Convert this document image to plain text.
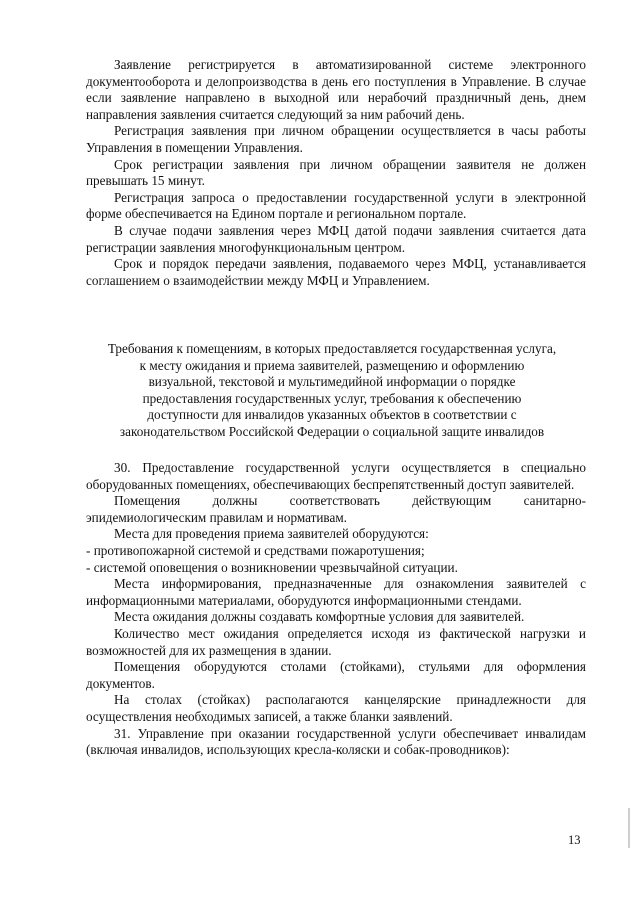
Заявление регистрируется в автоматизированной системе электронного документооборота и делопроизводства в день его поступления в Управление. В случае если заявление направлено в выходной или нерабочий праздничный день, днем направления заявления считается следующий за ним рабочий день.

Регистрация заявления при личном обращении осуществляется в часы работы Управления в помещении Управления.

Срок регистрации заявления при личном обращении заявителя не должен превышать 15 минут.

Регистрация запроса о предоставлении государственной услуги в электронной форме обеспечивается на Едином портале и региональном портале.

В случае подачи заявления через МФЦ датой подачи заявления считается дата регистрации заявления многофункциональным центром.

Срок и порядок передачи заявления, подаваемого через МФЦ, устанавливается соглашением о взаимодействии между МФЦ и Управлением.

Требования к помещениям, в которых предоставляется государственная услуга,
к месту ожидания и приема заявителей, размещению и оформлению
визуальной, текстовой и мультимедийной информации о порядке
предоставления государственных услуг, требования к обеспечению
доступности для инвалидов указанных объектов в соответствии с
законодательством Российской Федерации о социальной защите инвалидов

30. Предоставление государственной услуги осуществляется в специально оборудованных помещениях, обеспечивающих беспрепятственный доступ заявителей.

Помещения должны соответствовать действующим санитарно-

эпидемиологическим правилам и нормативам.

Места для проведения приема заявителей оборудуются:

- противопожарной системой и средствами пожаротушения;

- системой оповещения о возникновении чрезвычайной ситуации.

Места информирования, предназначенные для ознакомления заявителей с информационными материалами, оборудуются информационными стендами.

Места ожидания должны создавать комфортные условия для заявителей.

Количество мест ожидания определяется исходя из фактической нагрузки и возможностей для их размещения в здании.

Помещения оборудуются столами (стойками), стульями для оформления документов.

На столах (стойках) располагаются канцелярские принадлежности для осуществления необходимых записей, а также бланки заявлений.

31. Управление при оказании государственной услуги обеспечивает инвалидам (включая инвалидов, использующих кресла-коляски и собак-проводников):

13
